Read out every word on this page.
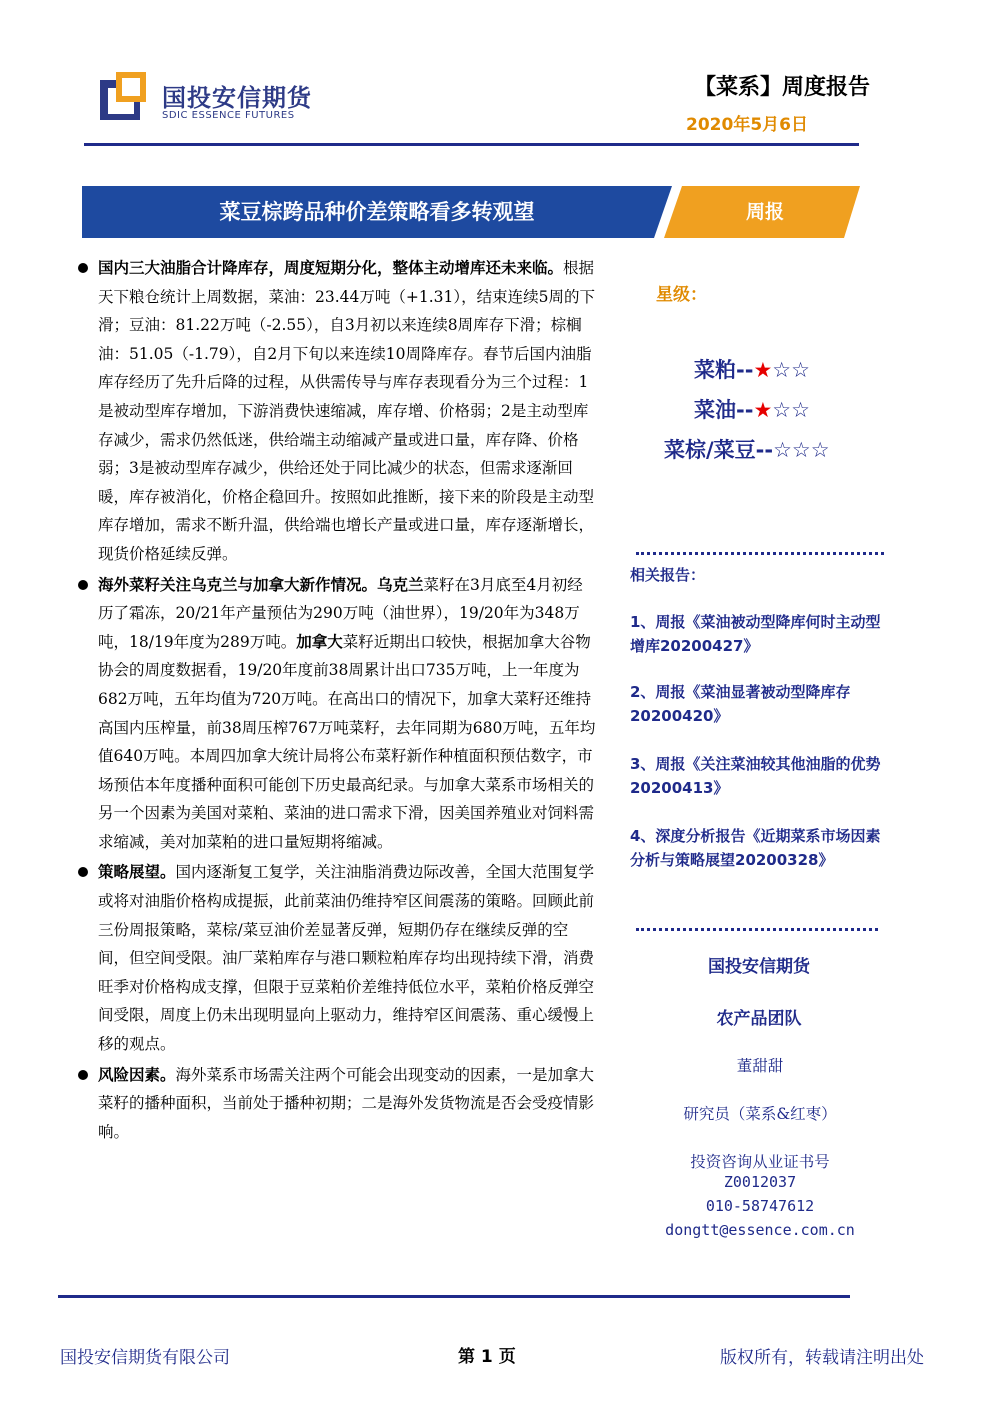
国投安信期货
SDIC ESSENCE FUTURES
【菜系】周度报告
2020年5月6日
菜豆棕跨品种价差策略看多转观望	周报

国内三大油脂合计降库存，周度短期分化，整体主动增库还未来临。根据天下粮仓统计上周数据，菜油：23.44万吨（+1.31），结束连续5周的下滑；豆油：81.22万吨（-2.55），自3月初以来连续8周库存下滑；棕榈油：51.05（-1.79），自2月下旬以来连续10周降库存。春节后国内油脂库存经历了先升后降的过程，从供需传导与库存表现看分为三个过程：1是被动型库存增加，下游消费快速缩减，库存增、价格弱；2是主动型库存减少，需求仍然低迷，供给端主动缩减产量或进口量，库存降、价格弱；3是被动型库存减少，供给还处于同比减少的状态，但需求逐渐回暖，库存被消化，价格企稳回升。按照如此推断，接下来的阶段是主动型库存增加，需求不断升温，供给端也增长产量或进口量，库存逐渐增长，现货价格延续反弹。

海外菜籽关注乌克兰与加拿大新作情况。乌克兰菜籽在3月底至4月初经历了霜冻，20/21年产量预估为290万吨（油世界），19/20年为348万吨，18/19年度为289万吨。加拿大菜籽近期出口较快，根据加拿大谷物协会的周度数据看，19/20年度前38周累计出口735万吨，上一年度为682万吨，五年均值为720万吨。在高出口的情况下，加拿大菜籽还维持高国内压榨量，前38周压榨767万吨菜籽，去年同期为680万吨，五年均值640万吨。本周四加拿大统计局将公布菜籽新作种植面积预估数字，市场预估本年度播种面积可能创下历史最高纪录。与加拿大菜系市场相关的另一个因素为美国对菜粕、菜油的进口需求下滑，因美国养殖业对饲料需求缩减，美对加菜粕的进口量短期将缩减。

策略展望。国内逐渐复工复学，关注油脂消费边际改善，全国大范围复学或将对油脂价格构成提振，此前菜油仍维持窄区间震荡的策略。回顾此前三份周报策略，菜棕/菜豆油价差显著反弹，短期仍存在继续反弹的空间，但空间受限。油厂菜粕库存与港口颗粒粕库存均出现持续下滑，消费旺季对价格构成支撑，但限于豆菜粕价差维持低位水平，菜粕价格反弹空间受限，周度上仍未出现明显向上驱动力，维持窄区间震荡、重心缓慢上移的观点。

风险因素。海外菜系市场需关注两个可能会出现变动的因素，一是加拿大菜籽的播种面积，当前处于播种初期；二是海外发货物流是否会受疫情影响。

星级：
菜粕--★☆☆
菜油--★☆☆
菜棕/菜豆--☆☆☆
相关报告：
1、周报《菜油被动型降库何时主动型增库20200427》
2、周报《菜油显著被动型降库存20200420》
3、周报《关注菜油较其他油脂的优势20200413》
4、深度分析报告《近期菜系市场因素分析与策略展望20200328》
国投安信期货
农产品团队
董甜甜
研究员（菜系&红枣）
投资咨询从业证书号
Z0012037
010-58747612
dongtt@essence.com.cn
国投安信期货有限公司	第 1 页	版权所有，转载请注明出处
